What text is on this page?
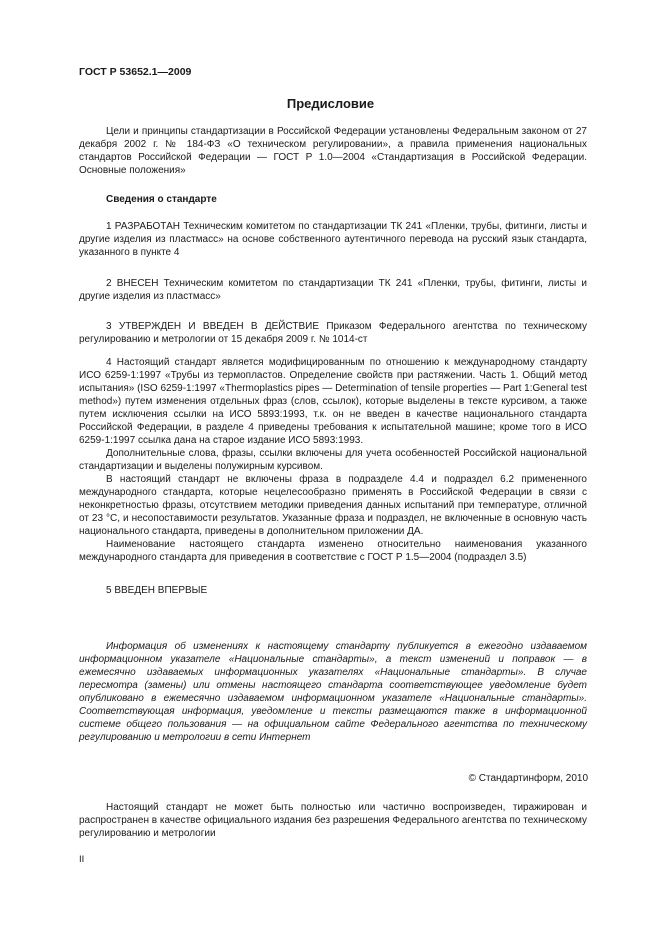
ГОСТ Р 53652.1—2009
Предисловие

Цели и принципы стандартизации в Российской Федерации установлены Федеральным законом от 27 декабря 2002 г. № 184-ФЗ «О техническом регулировании», а правила применения национальных стандартов Российской Федерации — ГОСТ Р 1.0—2004 «Стандартизация в Российской Федерации. Основные положения»

Сведения о стандарте

1 РАЗРАБОТАН Техническим комитетом по стандартизации ТК 241 «Пленки, трубы, фитинги, листы и другие изделия из пластмасс» на основе собственного аутентичного перевода на русский язык стандарта, указанного в пункте 4

2 ВНЕСЕН Техническим комитетом по стандартизации ТК 241 «Пленки, трубы, фитинги, листы и другие изделия из пластмасс»

3 УТВЕРЖДЕН И ВВЕДЕН В ДЕЙСТВИЕ Приказом Федерального агентства по техническому регулированию и метрологии от 15 декабря 2009 г. № 1014-ст

4 Настоящий стандарт является модифицированным по отношению к международному стандарту ИСО 6259-1:1997 «Трубы из термопластов. Определение свойств при растяжении. Часть 1. Общий метод испытания» (ISO 6259-1:1997 «Thermoplastics pipes — Determination of tensile properties — Part 1:General test method») путем изменения отдельных фраз (слов, ссылок), которые выделены в тексте курсивом, а также путем исключения ссылки на ИСО 5893:1993, т.к. он не введен в качестве национального стандарта Российской Федерации, в разделе 4 приведены требования к испытательной машине; кроме того в ИСО 6259-1:1997 ссылка дана на старое издание ИСО 5893:1993.

Дополнительные слова, фразы, ссылки включены для учета особенностей Российской национальной стандартизации и выделены полужирным курсивом.

В настоящий стандарт не включены фраза в подразделе 4.4 и подраздел 6.2 примененного международного стандарта, которые нецелесообразно применять в Российской Федерации в связи с неконкретностью фразы, отсутствием методики приведения данных испытаний при температуре, отличной от 23 °С, и несопоставимости результатов. Указанные фраза и подраздел, не включенные в основную часть национального стандарта, приведены в дополнительном приложении ДА.

Наименование настоящего стандарта изменено относительно наименования указанного международного стандарта для приведения в соответствие с ГОСТ Р 1.5—2004 (подраздел 3.5)

5 ВВЕДЕН ВПЕРВЫЕ

Информация об изменениях к настоящему стандарту публикуется в ежегодно издаваемом информационном указателе «Национальные стандарты», а текст изменений и поправок — в ежемесячно издаваемых информационных указателях «Национальные стандарты». В случае пересмотра (замены) или отмены настоящего стандарта соответствующее уведомление будет опубликовано в ежемесячно издаваемом информационном указателе «Национальные стандарты». Соответствующая информация, уведомление и тексты размещаются также в информационной системе общего пользования — на официальном сайте Федерального агентства по техническому регулированию и метрологии в сети Интернет

© Стандартинформ, 2010

Настоящий стандарт не может быть полностью или частично воспроизведен, тиражирован и распространен в качестве официального издания без разрешения Федерального агентства по техническому регулированию и метрологии

II
